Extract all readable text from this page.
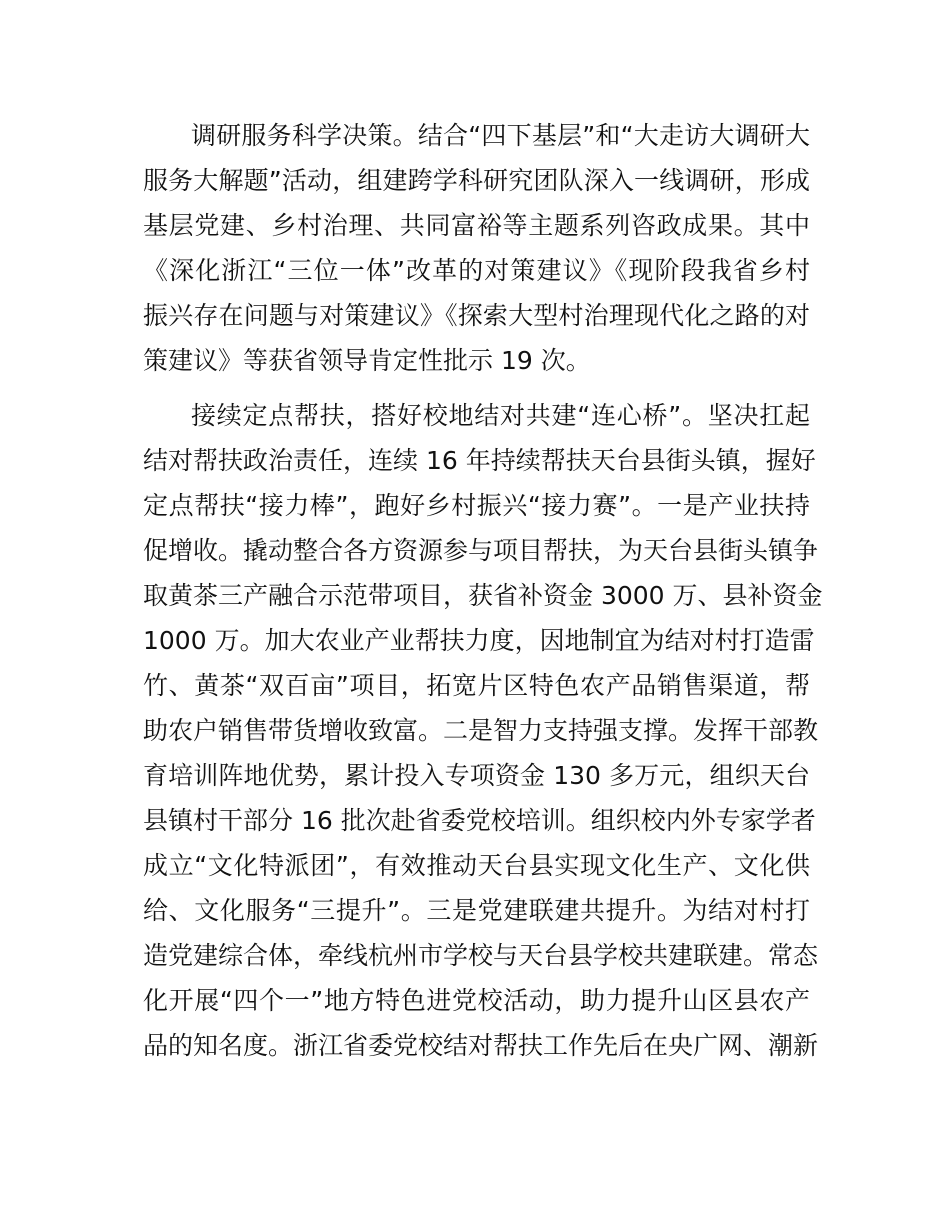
调研服务科学决策。结合“四下基层”和“大走访大调研大
服务大解题”活动，组建跨学科研究团队深入一线调研，形成
基层党建、乡村治理、共同富裕等主题系列咨政成果。其中
《深化浙江“三位一体”改革的对策建议》《现阶段我省乡村
振兴存在问题与对策建议》《探索大型村治理现代化之路的对
策建议》等获省领导肯定性批示 19 次。
接续定点帮扶，搭好校地结对共建“连心桥”。坚决扛起
结对帮扶政治责任，连续 16 年持续帮扶天台县街头镇，握好
定点帮扶“接力棒”，跑好乡村振兴“接力赛”。一是产业扶持
促增收。撬动整合各方资源参与项目帮扶，为天台县街头镇争
取黄茶三产融合示范带项目，获省补资金 3000 万、县补资金
1000 万。加大农业产业帮扶力度，因地制宜为结对村打造雷
竹、黄茶“双百亩”项目，拓宽片区特色农产品销售渠道，帮
助农户销售带货增收致富。二是智力支持强支撑。发挥干部教
育培训阵地优势，累计投入专项资金 130 多万元，组织天台
县镇村干部分 16 批次赴省委党校培训。组织校内外专家学者
成立“文化特派团”，有效推动天台县实现文化生产、文化供
给、文化服务“三提升”。三是党建联建共提升。为结对村打
造党建综合体，牵线杭州市学校与天台县学校共建联建。常态
化开展“四个一”地方特色进党校活动，助力提升山区县农产
品的知名度。浙江省委党校结对帮扶工作先后在央广网、潮新
